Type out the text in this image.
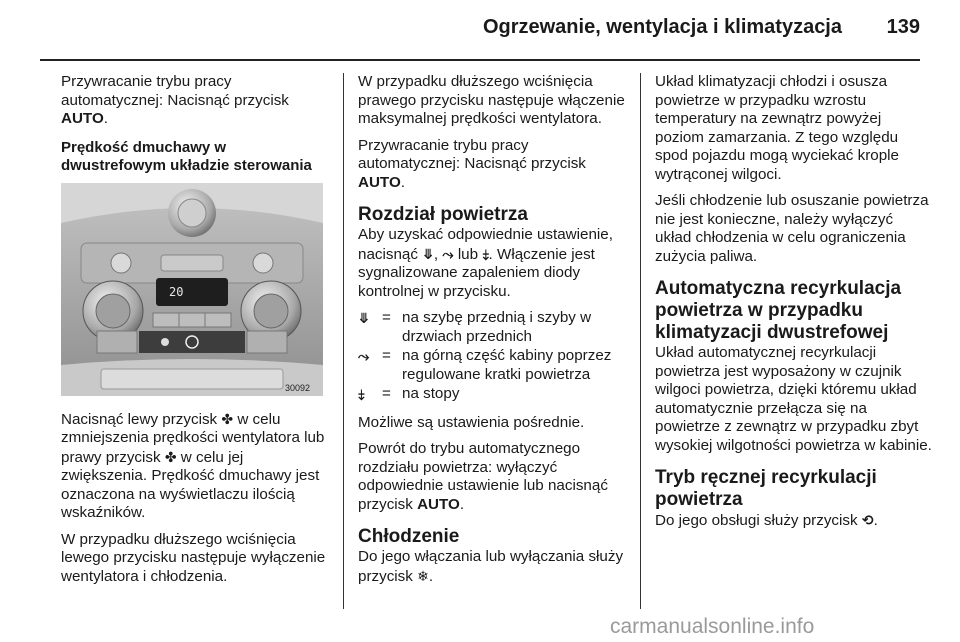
Ogrzewanie, wentylacja i klimatyzacja 139

Przywracanie trybu pracy automatycznej: Nacisnąć przycisk AUTO.

Prędkość dmuchawy w dwustrefowym układzie sterowania
20
30092

Nacisnąć lewy przycisk ✤ w celu zmniejszenia prędkości wentylatora lub prawy przycisk ✤ w celu jej zwiększenia. Prędkość dmuchawy jest oznaczona na wyświetlaczu ilością wskaźników.

W przypadku dłuższego wciśnięcia lewego przycisku następuje wyłączenie wentylatora i chłodzenia.

W przypadku dłuższego wciśnięcia prawego przycisku następuje włączenie maksymalnej prędkości wentylatora.

Przywracanie trybu pracy automatycznej: Nacisnąć przycisk AUTO.

Rozdział powietrza

Aby uzyskać odpowiednie ustawienie, nacisnąć ⤋, ⤳ lub ⤈. Włączenie jest sygnalizowane zapaleniem diody kontrolnej w przycisku.

⤋ = na szybę przednią i szyby w drzwiach przednich
⤳ = na górną część kabiny poprzez regulowane kratki powietrza
⤈	= na stopy

Możliwe są ustawienia pośrednie.

Powrót do trybu automatycznego rozdziału powietrza: wyłączyć odpowiednie ustawienie lub nacisnąć przycisk AUTO.

Chłodzenie

Do jego włączania lub wyłączania służy przycisk ❄.

Układ klimatyzacji chłodzi i osusza powietrze w przypadku wzrostu temperatury na zewnątrz powyżej poziom zamarzania. Z tego względu spod pojazdu mogą wyciekać krople wytrąconej wilgoci.

Jeśli chłodzenie lub osuszanie powietrza nie jest konieczne, należy wyłączyć układ chłodzenia w celu ograniczenia zużycia paliwa.

Automatyczna recyrkulacja powietrza w przypadku klimatyzacji dwustrefowej

Układ automatycznej recyrkulacji powietrza jest wyposażony w czujnik wilgoci powietrza, dzięki któremu układ automatycznie przełącza się na powietrze z zewnątrz w przypadku zbyt wysokiej wilgotności powietrza w kabinie.

Tryb ręcznej recyrkulacji powietrza

Do jego obsługi służy przycisk ⟲.

carmanualsonline.info
